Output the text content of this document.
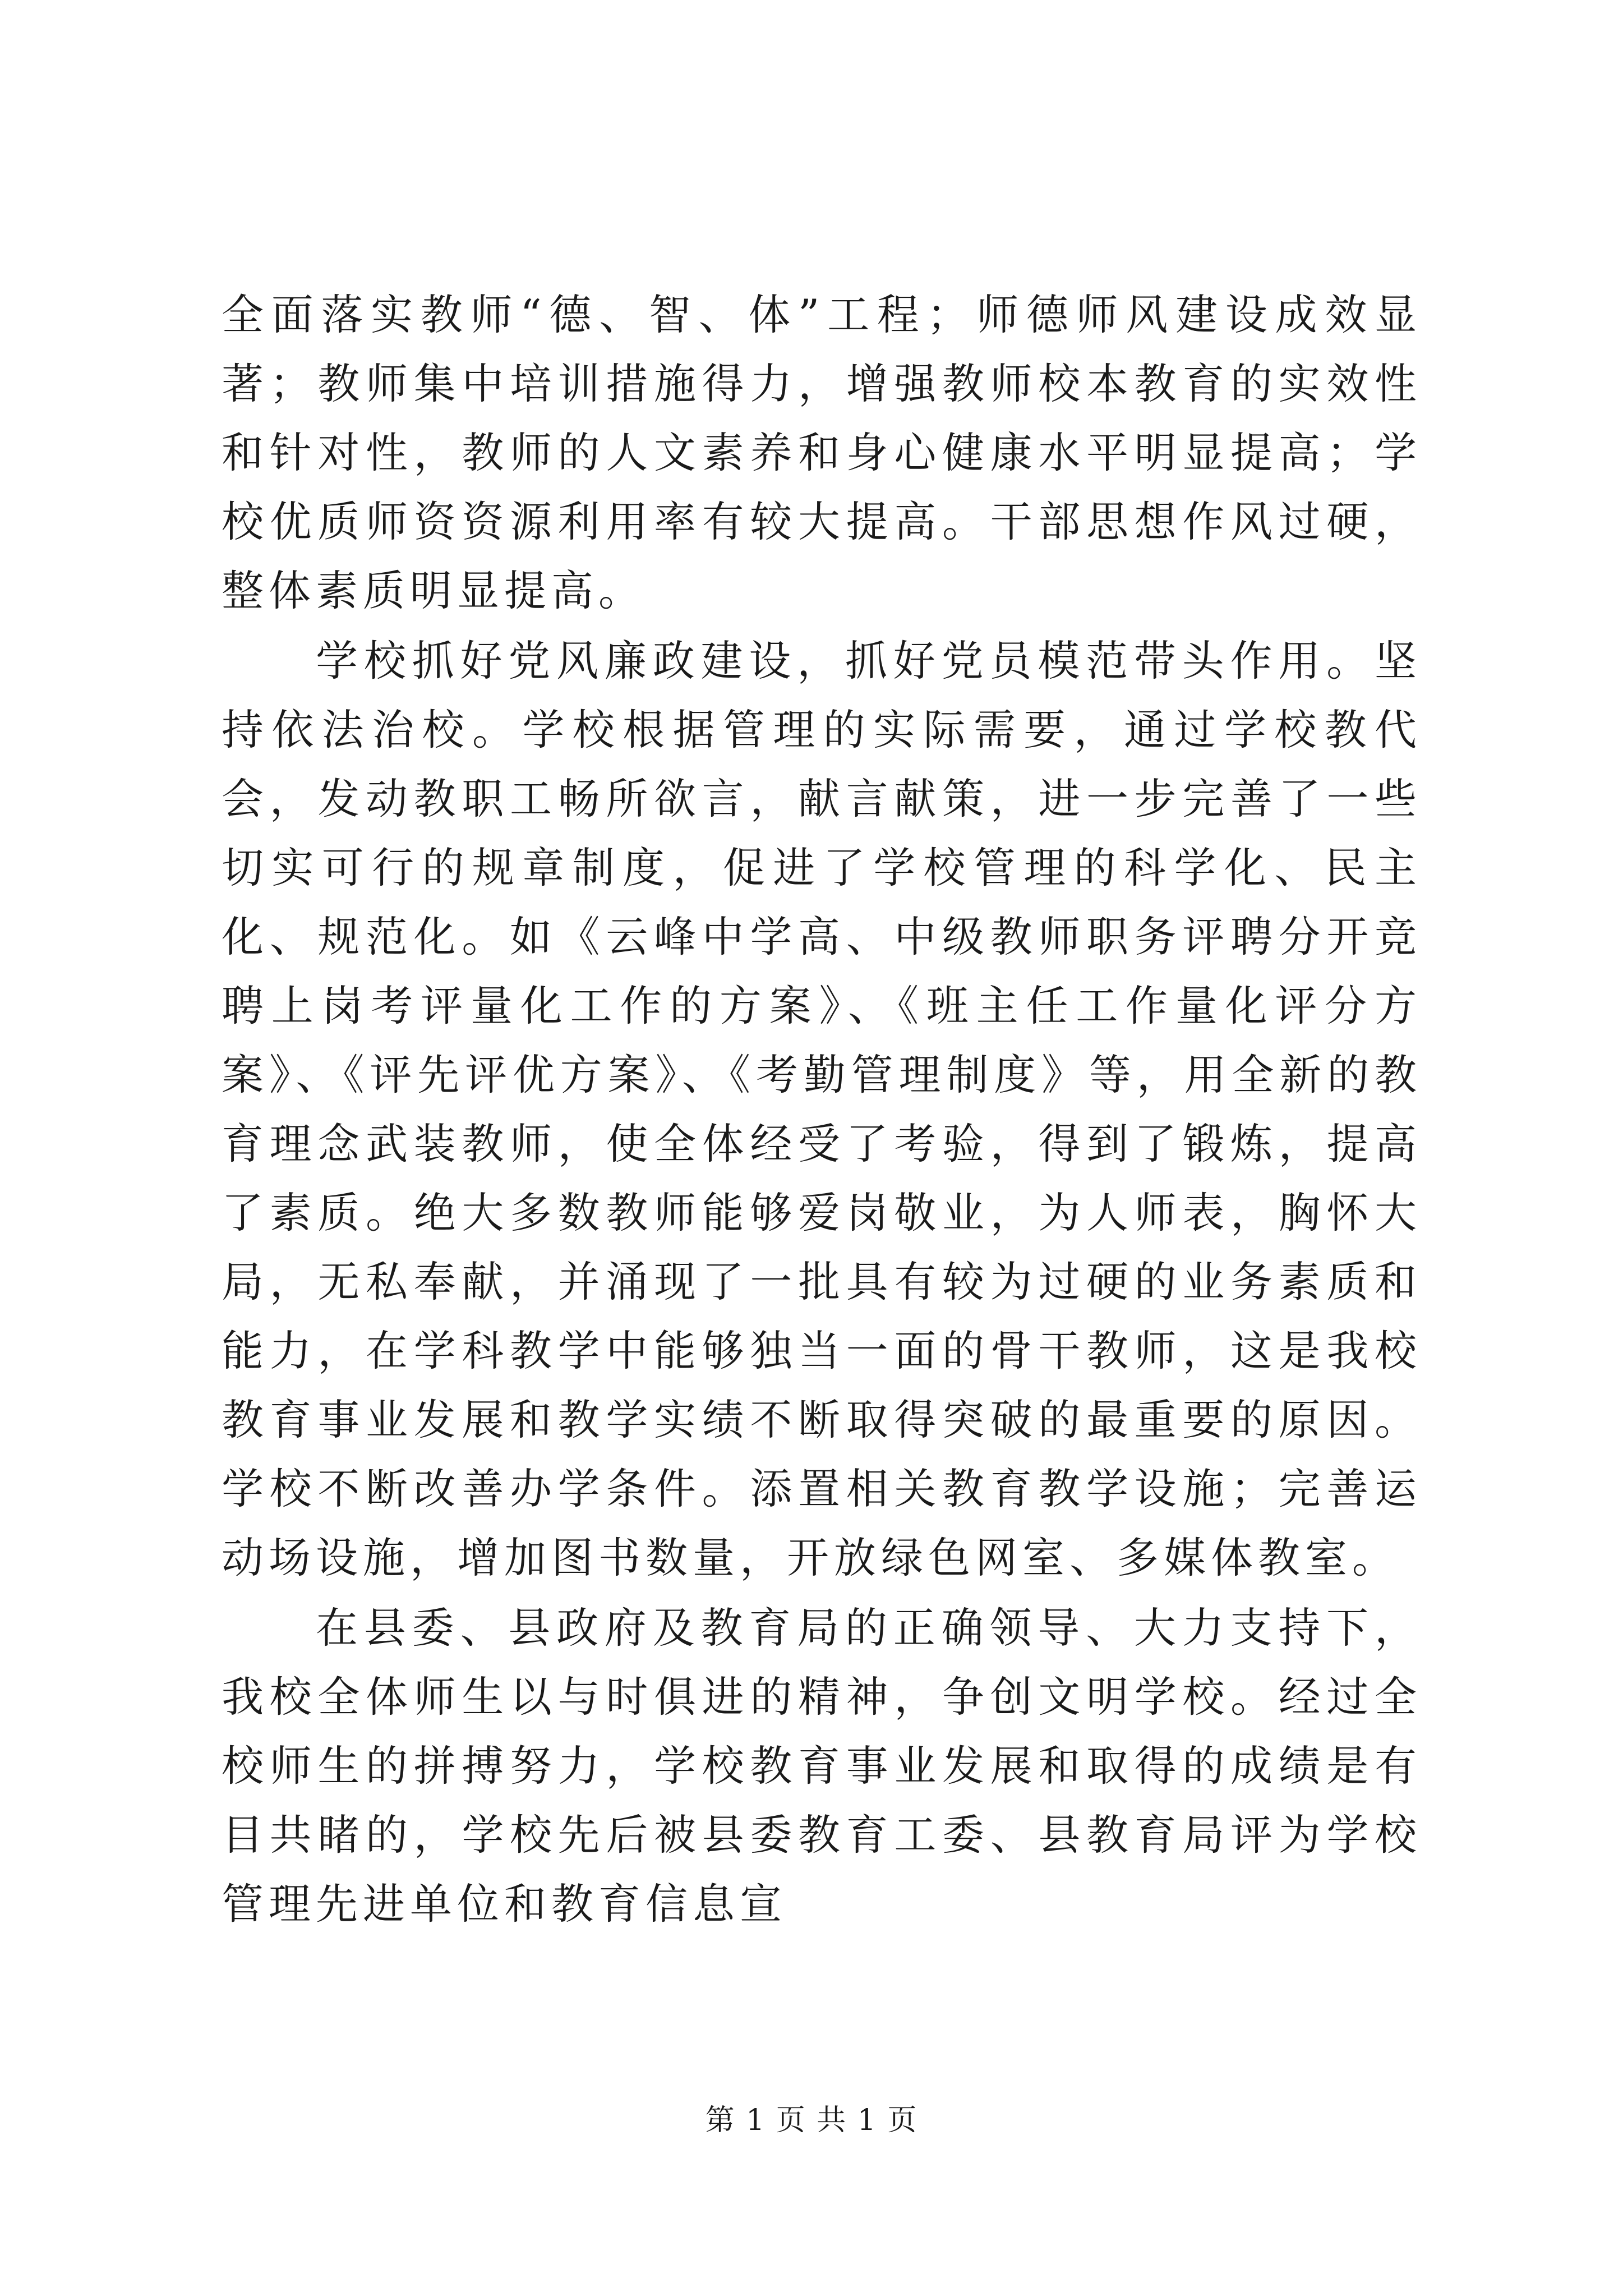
全面落实教师“德、智、体”工程；师德师风建设成效显著；教师集中培训措施得力，增强教师校本教育的实效性和针对性，教师的人文素养和身心健康水平明显提高；学校优质师资资源利用率有较大提高。干部思想作风过硬，整体素质明显提高。

学校抓好党风廉政建设，抓好党员模范带头作用。坚持依法治校。学校根据管理的实际需要，通过学校教代会，发动教职工畅所欲言，献言献策，进一步完善了一些切实可行的规章制度，促进了学校管理的科学化、民主化、规范化。如《云峰中学高、中级教师职务评聘分开竞聘上岗考评量化工作的方案》、《班主任工作量化评分方案》、《评先评优方案》、《考勤管理制度》等，用全新的教育理念武装教师，使全体经受了考验，得到了锻炼，提高了素质。绝大多数教师能够爱岗敬业，为人师表，胸怀大局，无私奉献，并涌现了一批具有较为过硬的业务素质和能力，在学科教学中能够独当一面的骨干教师，这是我校教育事业发展和教学实绩不断取得突破的最重要的原因。学校不断改善办学条件。添置相关教育教学设施；完善运动场设施，增加图书数量，开放绿色网室、多媒体教室。

在县委、县政府及教育局的正确领导、大力支持下，我校全体师生以与时俱进的精神，争创文明学校。经过全校师生的拼搏努力，学校教育事业发展和取得的成绩是有目共睹的，学校先后被县委教育工委、县教育局评为学校管理先进单位和教育信息宣

第 1 页 共 1 页
